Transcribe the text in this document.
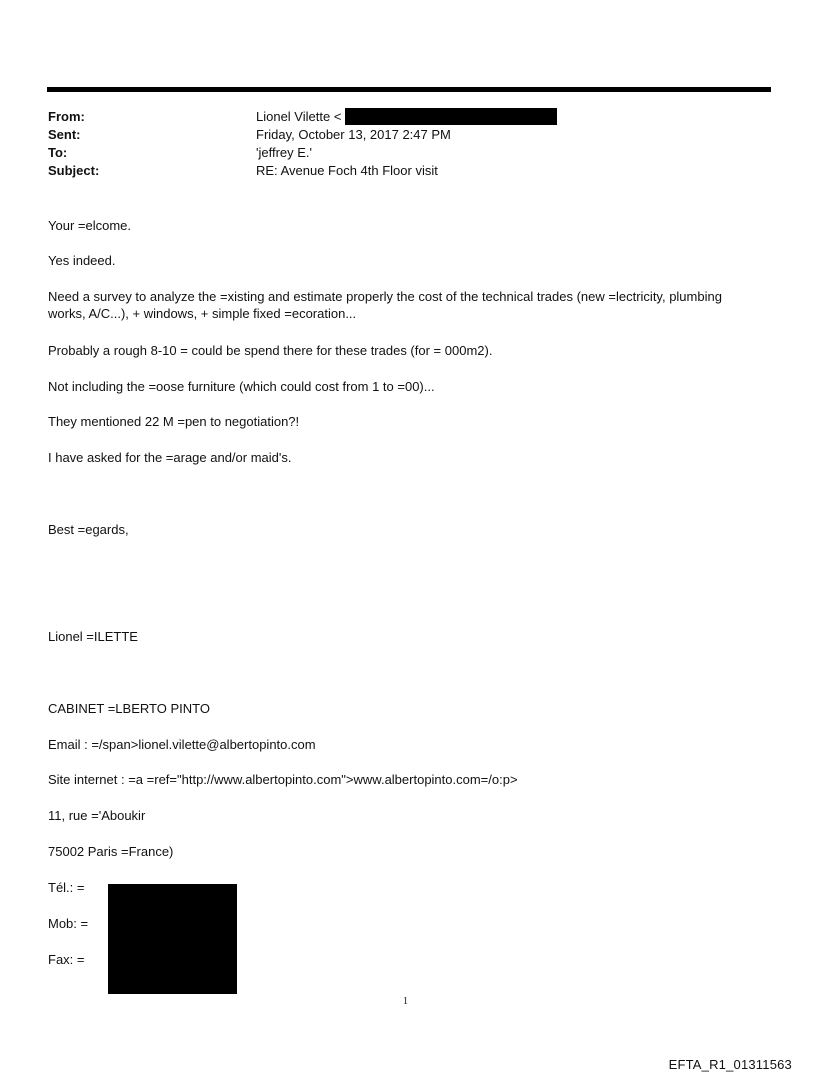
From:	Lionel Vilette <
Sent:	Friday, October 13, 2017 2:47 PM
To:	'jeffrey E.'
Subject:	RE: Avenue Foch 4th Floor visit
Your =elcome.
Yes indeed.
Need a survey to analyze the =xisting and estimate properly the cost of the technical trades (new =lectricity, plumbing works, A/C...), + windows, + simple fixed =ecoration...
Probably a rough 8-10 = could be spend there for these trades (for = 000m2).
Not including the =oose furniture (which could cost from 1 to =00)...
They mentioned 22 M =pen to negotiation?!
I have asked for the =arage and/or maid's.
Best =egards,
Lionel =ILETTE
CABINET =LBERTO PINTO
Email : =/span>lionel.vilette@albertopinto.com
Site internet : =a =ref="http://www.albertopinto.com">www.albertopinto.com=/o:p>
11, rue ='Aboukir
75002 Paris =France)
Tél.: =
Mob: =
Fax: =
1
EFTA_R1_01311563
